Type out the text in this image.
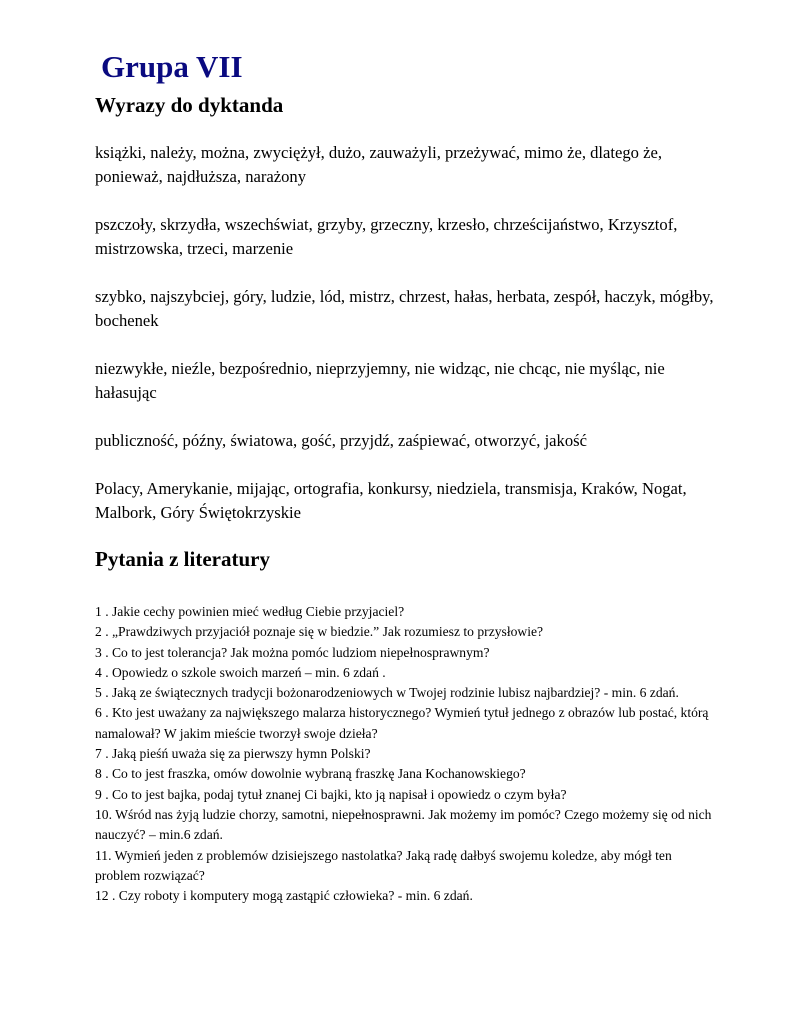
Grupa VII
Wyrazy do dyktanda

książki, należy, można, zwyciężył, dużo, zauważyli, przeżywać, mimo że, dlatego że, ponieważ, najdłuższa, narażony

pszczoły, skrzydła, wszechświat, grzyby, grzeczny, krzesło, chrześcijaństwo, Krzysztof, mistrzowska, trzeci, marzenie

szybko, najszybciej, góry, ludzie, lód, mistrz, chrzest, hałas, herbata, zespół, haczyk, mógłby, bochenek

niezwykłe, nieźle, bezpośrednio, nieprzyjemny, nie widząc, nie chcąc, nie myśląc, nie hałasując

publiczność, późny, światowa, gość, przyjdź, zaśpiewać, otworzyć, jakość

Polacy, Amerykanie, mijając, ortografia, konkursy, niedziela, transmisja, Kraków, Nogat, Malbork, Góry Świętokrzyskie

Pytania z literatury
1 . Jakie cechy powinien mieć według Ciebie przyjaciel?
2 . „Prawdziwych przyjaciół poznaje się w biedzie.” Jak rozumiesz to przysłowie?
3 . Co to jest tolerancja? Jak można pomóc ludziom niepełnosprawnym?
4 . Opowiedz o szkole swoich marzeń – min. 6 zdań .
5 . Jaką ze świątecznych tradycji bożonarodzeniowych w Twojej rodzinie lubisz najbardziej? - min. 6 zdań.
6 . Kto jest uważany za największego malarza historycznego? Wymień tytuł jednego z obrazów lub postać, którą namalował? W jakim mieście tworzył swoje dzieła?
7 . Jaką pieśń uważa się za pierwszy hymn Polski?
8 . Co to jest fraszka, omów dowolnie wybraną fraszkę Jana Kochanowskiego?
9 . Co to jest bajka, podaj tytuł znanej Ci bajki, kto ją napisał i opowiedz o czym była?
10. Wśród nas żyją ludzie chorzy, samotni, niepełnosprawni. Jak możemy im pomóc? Czego możemy się od nich nauczyć? – min.6 zdań.
11. Wymień jeden z problemów dzisiejszego nastolatka? Jaką radę dałbyś swojemu koledze, aby mógł ten problem rozwiązać?
12 . Czy roboty i komputery mogą zastąpić człowieka? - min. 6 zdań.
